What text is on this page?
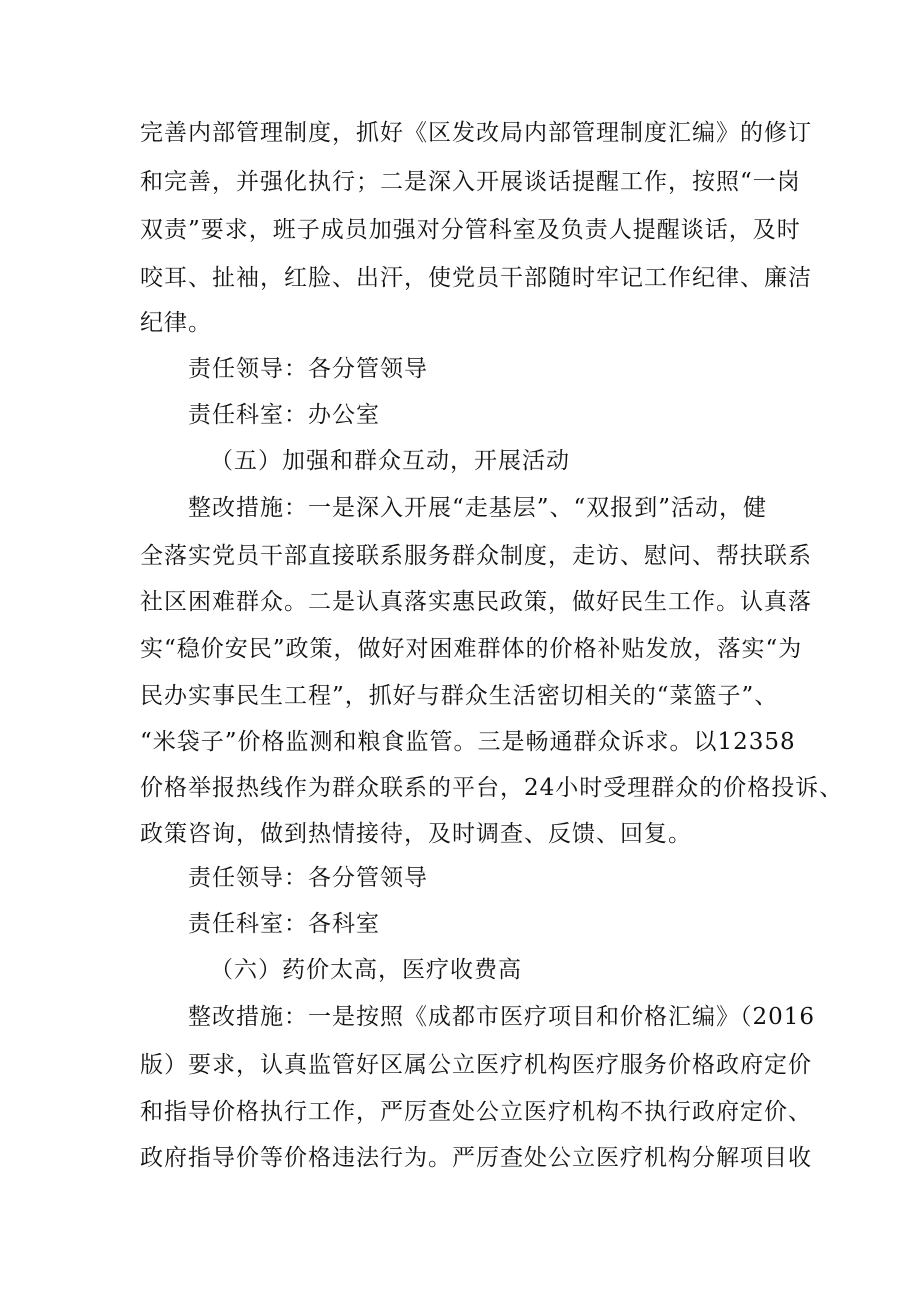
完善内部管理制度，抓好《区发改局内部管理制度汇编》的修订
和完善，并强化执行；二是深入开展谈话提醒工作，按照“一岗
双责”要求，班子成员加强对分管科室及负责人提醒谈话，及时
咬耳、扯袖，红脸、出汗，使党员干部随时牢记工作纪律、廉洁
纪律。
责任领导：各分管领导
责任科室：办公室
（五）加强和群众互动，开展活动
整改措施：一是深入开展“走基层”、“双报到”活动，健
全落实党员干部直接联系服务群众制度，走访、慰问、帮扶联系
社区困难群众。二是认真落实惠民政策，做好民生工作。认真落
实“稳价安民”政策，做好对困难群体的价格补贴发放，落实“为
民办实事民生工程”，抓好与群众生活密切相关的“菜篮子”、
“米袋子”价格监测和粮食监管。三是畅通群众诉求。以12358
价格举报热线作为群众联系的平台，24小时受理群众的价格投诉、
政策咨询，做到热情接待，及时调查、反馈、回复。
责任领导：各分管领导
责任科室：各科室
（六）药价太高，医疗收费高
整改措施：一是按照《成都市医疗项目和价格汇编》（2016
版）要求，认真监管好区属公立医疗机构医疗服务价格政府定价
和指导价格执行工作，严厉查处公立医疗机构不执行政府定价、
政府指导价等价格违法行为。严厉查处公立医疗机构分解项目收
